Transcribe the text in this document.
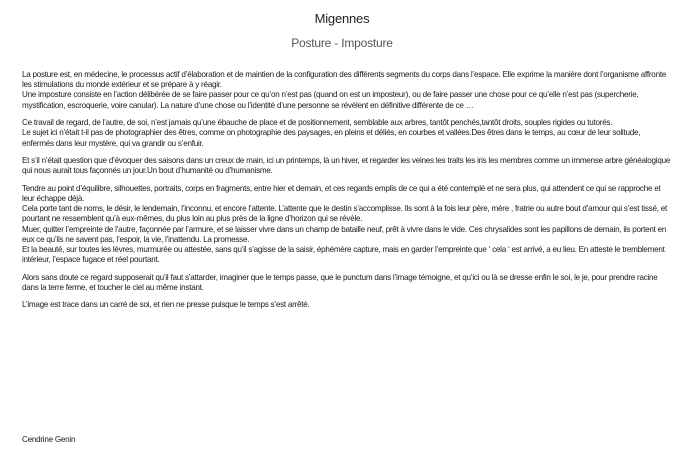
Migennes
Posture - Imposture

La posture est, en médecine, le processus actif d’élaboration et de maintien de la configuration des différents segments du corps dans l’espace. Elle exprime la manière dont l’organisme affronte les stimulations du monde extérieur et se prépare à y réagir.

Une imposture consiste en l’action délibérée de se faire passer pour ce qu’on n’est pas (quand on est un imposteur), ou de faire passer une chose pour ce qu’elle n’est pas (supercherie, mystification, escroquerie, voire canular). La nature d’une chose ou l’identité d’une personne se révèlent en définitive différente de ce …

Ce travail de regard, de l’autre, de soi, n’est jamais qu’une ébauche de place et de positionnement, semblable aux arbres, tantôt penchés,tantôt droits, souples rigides ou tutorés.

Le sujet ici n’était t-il pas de photographier des êtres, comme on photographie des paysages, en pleins et déliés, en courbes et vallées.Des êtres dans le temps, au cœur de leur solitude, enfermés dans leur mystère, qui va grandir ou s’enfuir.

Et s’il n’était question que d’évoquer des saisons dans un creux de main, ici un printemps, là un hiver, et regarder les veines les traits les iris les membres comme un immense arbre généalogique qui nous aurait tous façonnés un jour.Un bout d’humanité ou d’humanisme.

Tendre au point d’équilibre, silhouettes, portraits, corps en fragments, entre hier et demain, et ces regards emplis de ce qui a été contemplé et ne sera plus, qui attendent ce qui se rapproche et leur échappe déjà.

Cela porte tant de noms, le désir, le lendemain, l’inconnu, et encore l’attente. L’attente que le destin s’accomplisse. Ils sont à la fois leur père, mère , fratrie ou autre bout d’amour qui s’est tissé, et pourtant ne ressemblent qu’à eux-mêmes, du plus loin au plus près de la ligne d’horizon qui se révèle.

Muer, quitter l’empreinte de l’autre, façonnée par l’armure, et se laisser vivre dans un champ de bataille neuf, prêt à vivre dans le vide. Ces chrysalides sont les papillons de demain, ils portent en eux ce qu’ils ne savent pas, l’espoir, la vie, l’inattendu. La promesse.

Et la beauté, sur toutes les lèvres, murmurée ou attestée, sans qu’il s’agisse de la saisir, éphémère capture, mais en garder l’empreinte que ‘ cela ‘ est arrivé, a eu lieu. En atteste le tremblement intérieur, l’espace fugace et réel pourtant.

Alors sans doute ce regard supposerait qu’il faut s’attarder, imaginer que le temps passe, que le punctum dans l’image témoigne, et qu’ici ou là se dresse enfin le soi, le je, pour prendre racine dans la terre ferme, et toucher le ciel au même instant.

L’image est trace dans un carré de soi, et rien ne presse puisque le temps s’est arrêté.

Cendrine Genin
